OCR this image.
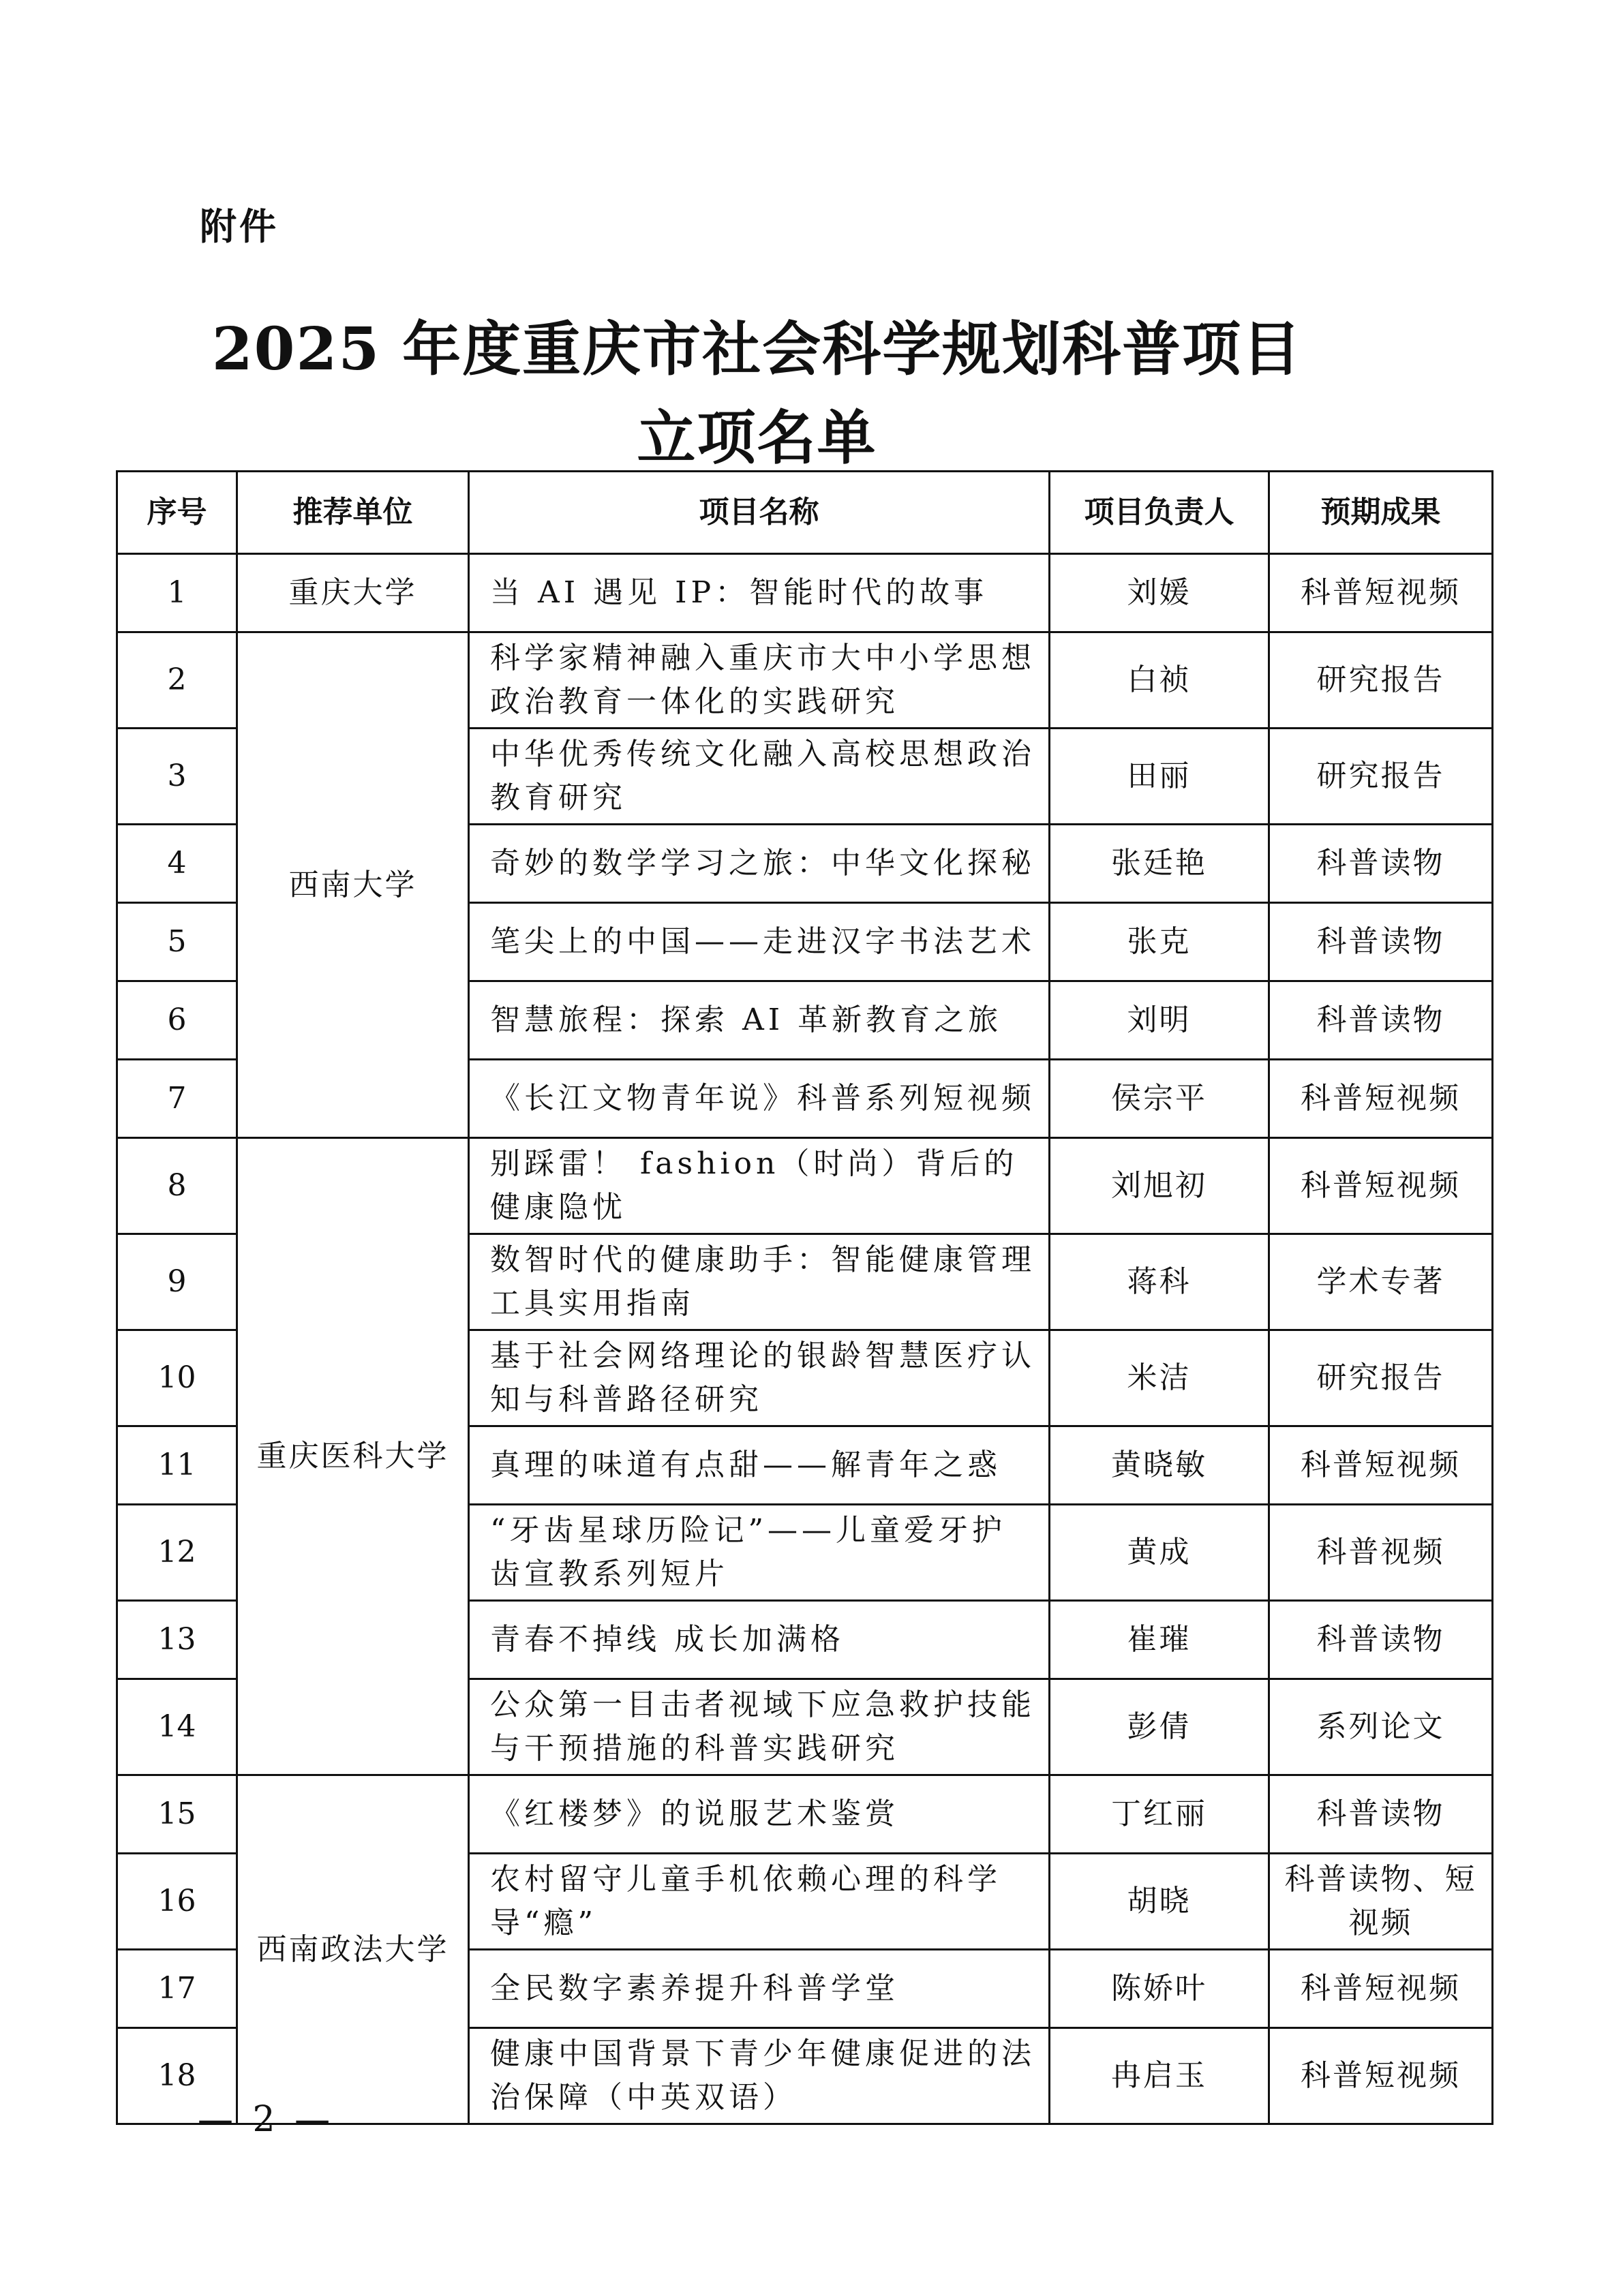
附件
2025 年度重庆市社会科学规划科普项目
立项名单
序号	推荐单位	项目名称	项目负责人	预期成果
1	重庆大学	当 AI 遇见 IP：智能时代的故事	刘媛	科普短视频
2	西南大学	科学家精神融入重庆市大中小学思想政治教育一体化的实践研究	白祯	研究报告
3		中华优秀传统文化融入高校思想政治教育研究	田丽	研究报告
4		奇妙的数学学习之旅：中华文化探秘	张廷艳	科普读物
5		笔尖上的中国——走进汉字书法艺术	张克	科普读物
6		智慧旅程：探索 AI 革新教育之旅	刘明	科普读物
7		《长江文物青年说》科普系列短视频	侯宗平	科普短视频
8	重庆医科大学	别踩雷！ fashion（时尚）背后的健康隐忧	刘旭初	科普短视频
9		数智时代的健康助手：智能健康管理工具实用指南	蒋科	学术专著
10		基于社会网络理论的银龄智慧医疗认知与科普路径研究	米洁	研究报告
11		真理的味道有点甜——解青年之惑	黄晓敏	科普短视频
12		“牙齿星球历险记”——儿童爱牙护齿宣教系列短片	黄成	科普视频
13		青春不掉线 成长加满格	崔璀	科普读物
14		公众第一目击者视域下应急救护技能与干预措施的科普实践研究	彭倩	系列论文
15	西南政法大学	《红楼梦》的说服艺术鉴赏	丁红丽	科普读物
16		农村留守儿童手机依赖心理的科学导“瘾”	胡晓	科普读物、短视频
17		全民数字素养提升科普学堂	陈娇叶	科普短视频
18		健康中国背景下青少年健康促进的法治保障（中英双语）	冉启玉	科普短视频
— 2 —
